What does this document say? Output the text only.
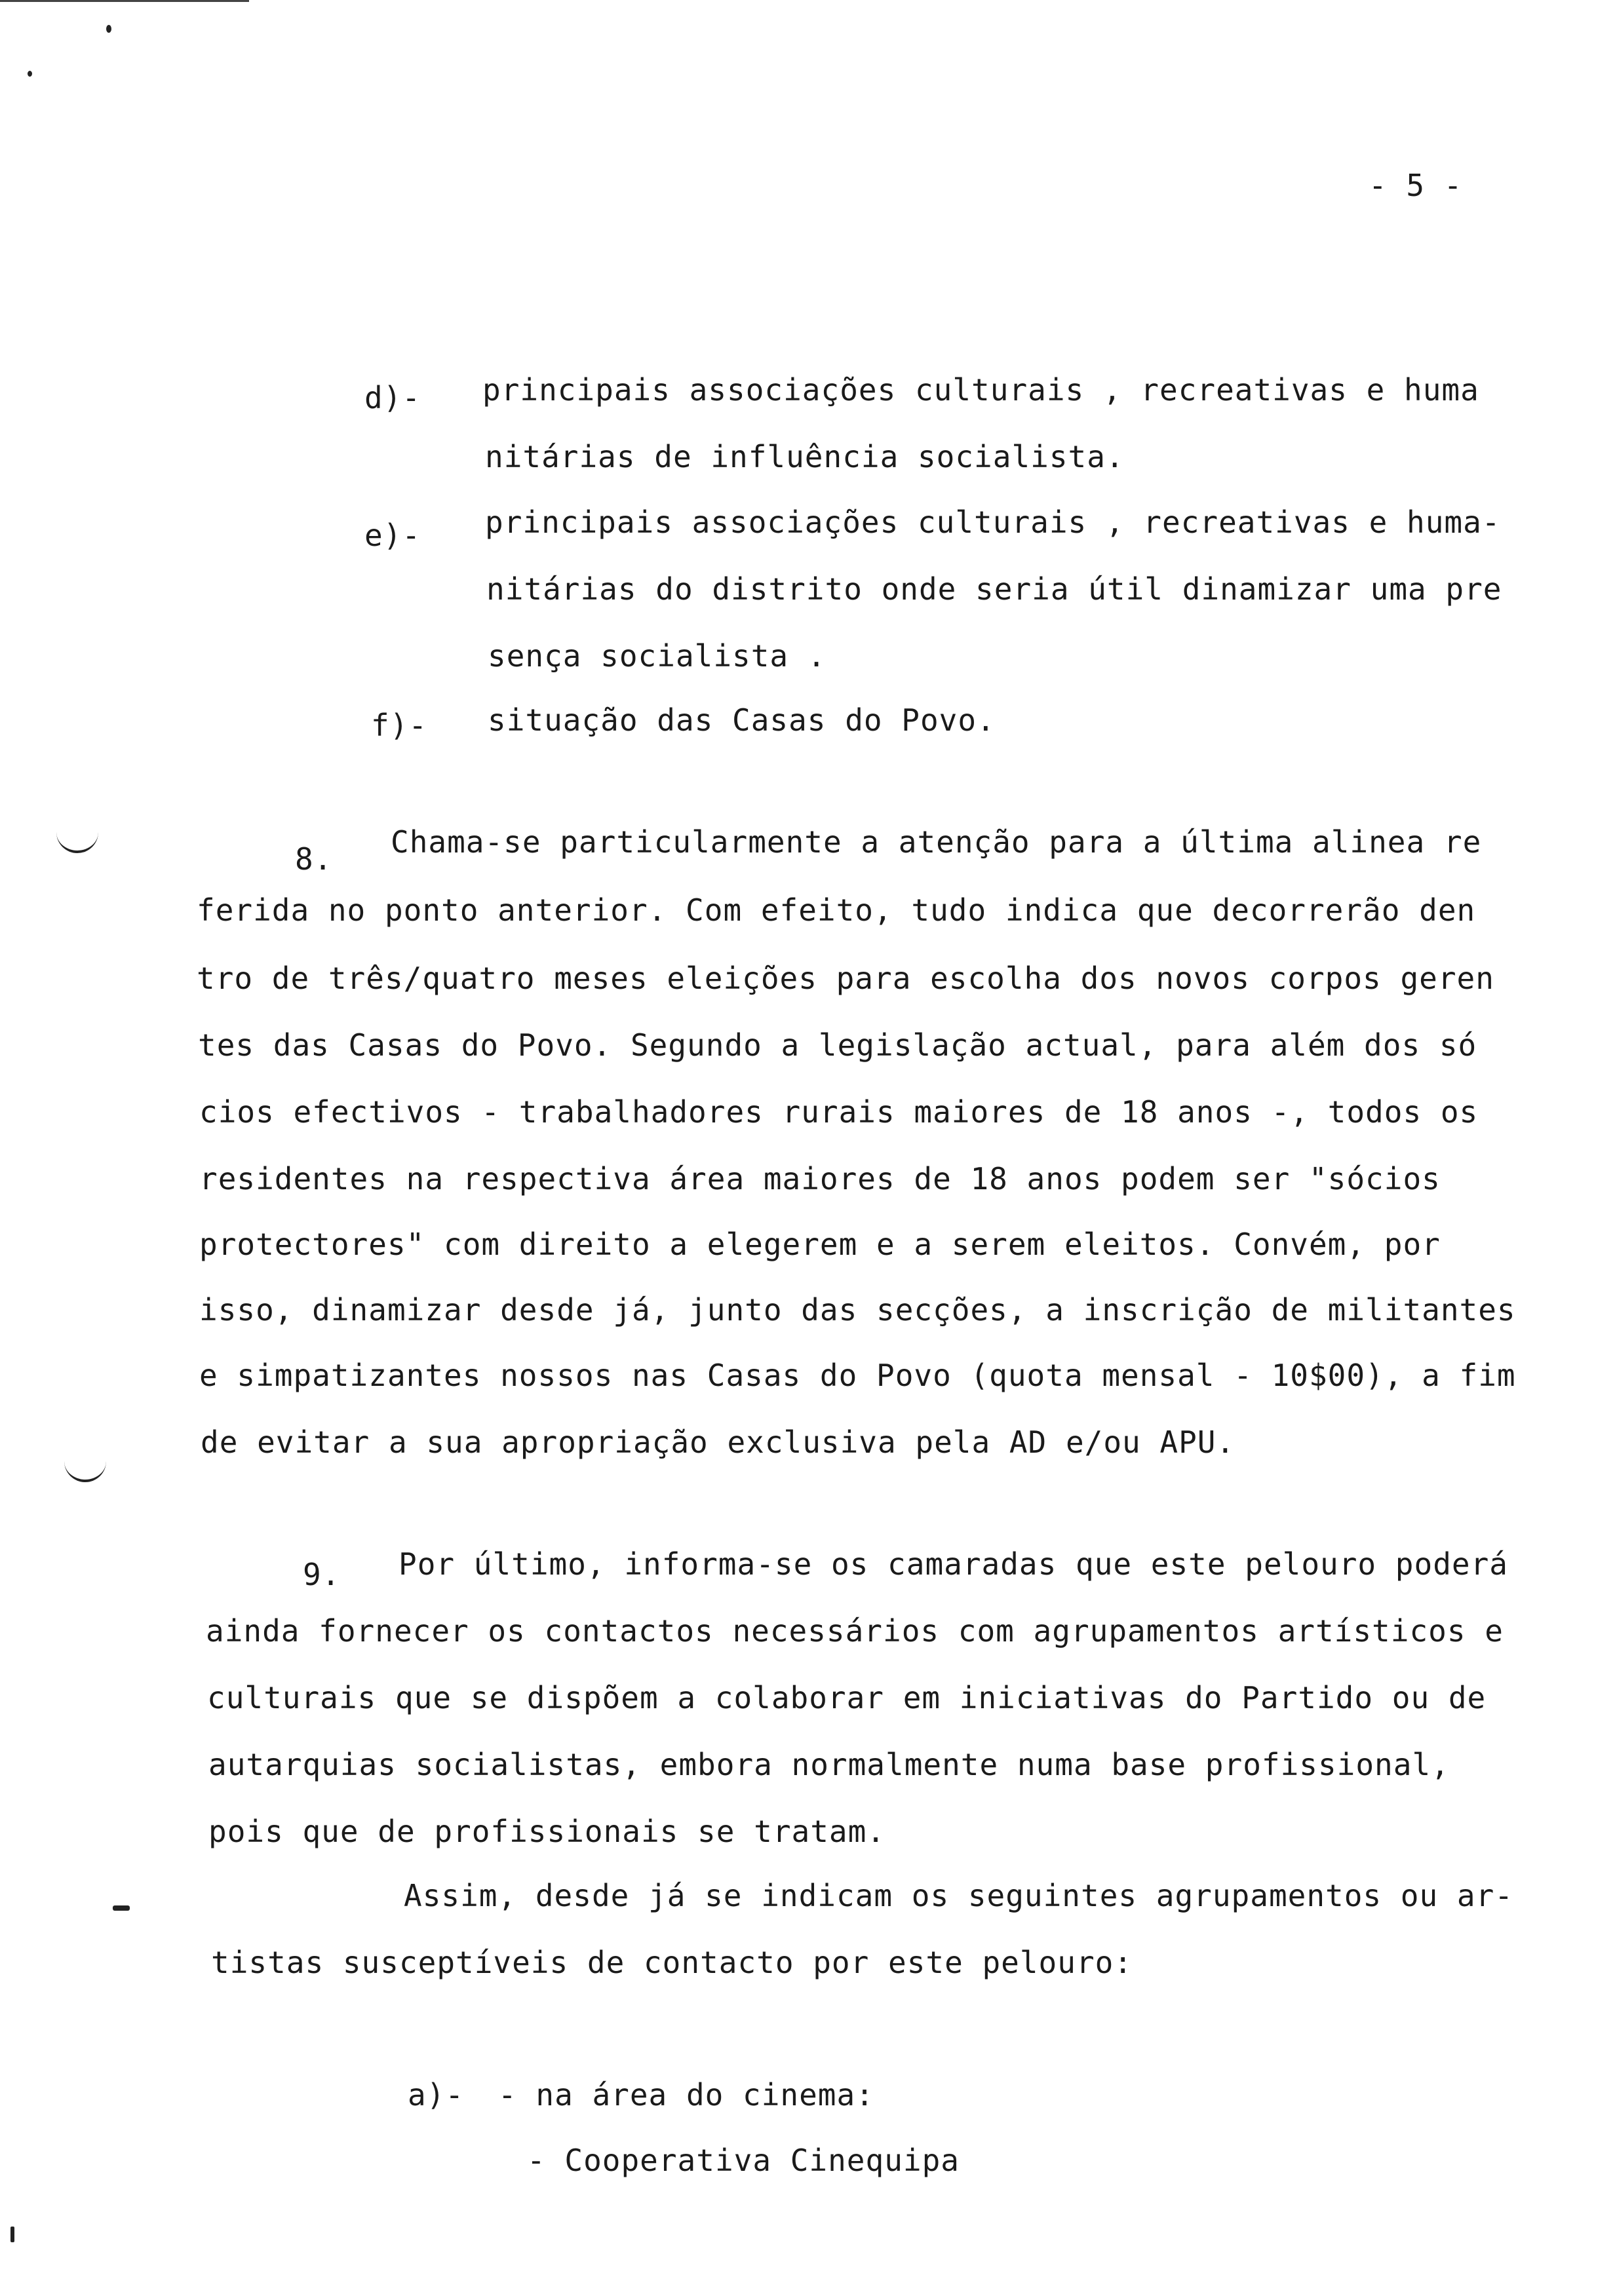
- 5 -
d)- principais associações culturais , recreativas e huma
nitárias de influência socialista.
e)- principais associações culturais , recreativas e huma-
nitárias do distrito onde seria útil dinamizar uma pre
sença socialista .
f)- situação das Casas do Povo.
8. Chama-se particularmente a atenção para a última alinea re
ferida no ponto anterior. Com efeito, tudo indica que decorrerão den
tro de três/quatro meses eleições para escolha dos novos corpos geren
tes das Casas do Povo. Segundo a legislação actual, para além dos só
cios efectivos - trabalhadores rurais maiores de 18 anos -, todos os
residentes na respectiva área maiores de 18 anos podem ser "sócios
protectores" com direito a elegerem e a serem eleitos. Convém, por
isso, dinamizar desde já, junto das secções, a inscrição de militantes
e simpatizantes nossos nas Casas do Povo (quota mensal - 10$00), a fim
de evitar a sua apropriação exclusiva pela AD e/ou APU.
9. Por último, informa-se os camaradas que este pelouro poderá
ainda fornecer os contactos necessários com agrupamentos artísticos e
culturais que se dispõem a colaborar em iniciativas do Partido ou de
autarquias socialistas, embora normalmente numa base profissional,
pois que de profissionais se tratam.
Assim, desde já se indicam os seguintes agrupamentos ou ar-
tistas susceptíveis de contacto por este pelouro:
a)- - na área do cinema:
- Cooperativa Cinequipa
